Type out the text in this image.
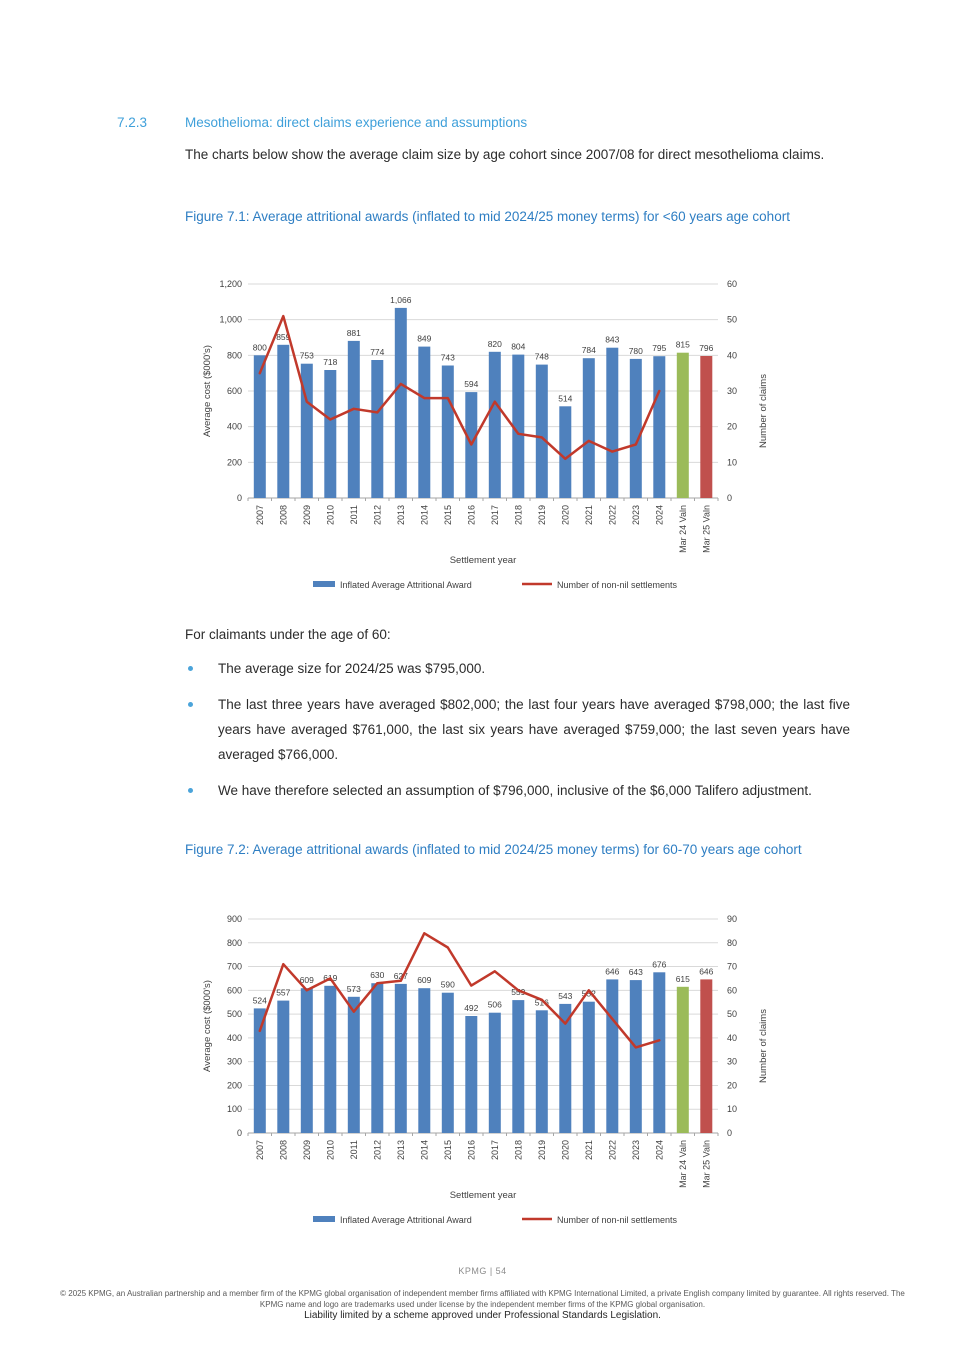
7.2.3	Mesothelioma: direct claims experience and assumptions
The charts below show the average claim size by age cohort since 2007/08 for direct mesothelioma claims.
Figure 7.1: Average attritional awards (inflated to mid 2024/25 money terms) for <60 years age cohort
0
200
400
600
800
1,000
1,200
0
10
20
30
40
50
60
800
859
753
718
881
774
1,066
849
743
594
820 804
748
514
784
843
780 795 815 796
2007 2008 2009 2010 2011 2012 2013 2014 2015 2016 2017 2018 2019 2020 2021 2022 2023 2024 Mar 24 Valn Mar 25 Valn
Average cost ($000's)	Number of claims
Settlement year
Inflated Average Attritional Award	Number of non-nil settlements
For claimants under the age of 60:
The average size for 2024/25 was $795,000.
The last three years have averaged $802,000; the last four years have averaged $798,000; the last five years have averaged $761,000, the last six years have averaged $759,000; the last seven years have averaged $766,000.
We have therefore selected an assumption of $796,000, inclusive of the $6,000 Talifero adjustment.
Figure 7.2: Average attritional awards (inflated to mid 2024/25 money terms) for 60-70 years age cohort
0
100
200
300
400
500
600
700
800
900
0
10
20
30
40
50
60
70
80
90
524
557
609 619
573
630 627 609 590
492 506
559
516
543 552
646 643
676
615
646
2007 2008 2009 2010 2011 2012 2013 2014 2015 2016 2017 2018 2019 2020 2021 2022 2023 2024 Mar 24 Valn Mar 25 Valn
Average cost ($000's)	Number of claims
Settlement year
Inflated Average Attritional Award	Number of non-nil settlements
KPMG | 54
© 2025 KPMG, an Australian partnership and a member firm of the KPMG global organisation of independent member firms affiliated with KPMG International Limited, a private English company limited by guarantee. All rights reserved. The KPMG name and logo are trademarks used under license by the independent member firms of the KPMG global organisation.
Liability limited by a scheme approved under Professional Standards Legislation.
